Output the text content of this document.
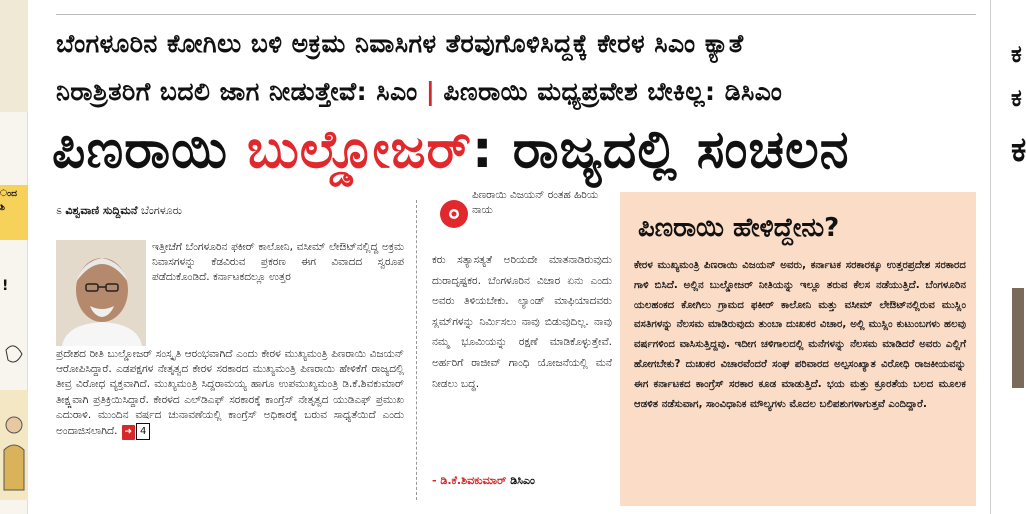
ಂದ
ಶಿ
!
ಕ
ಕ
ಕ
ಬೆಂಗಳೂರಿನ ಕೋಗಿಲು ಬಳಿ ಅಕ್ರಮ ನಿವಾಸಿಗಳ ತೆರವುಗೊಳಿಸಿದ್ದಕ್ಕೆ ಕೇರಳ ಸಿಎಂ ಕ್ಯಾತೆ
ನಿರಾಶ್ರಿತರಿಗೆ ಬದಲಿ ಜಾಗ ನೀಡುತ್ತೇವೆ: ಸಿಎಂ | ಪಿಣರಾಯಿ ಮಧ್ಯಪ್ರವೇಶ ಬೇಕಿಲ್ಲ: ಡಿಸಿಎಂ
ಪಿಣರಾಯಿ ಬುಲ್ಡೋಜರ್: ರಾಜ್ಯದಲ್ಲಿ ಸಂಚಲನ
ಽ ವಿಶ್ವವಾಣಿ ಸುದ್ದಿಮನೆ ಬೆಂಗಳೂರು
ಇತ್ತೀಚೆಗೆ ಬೆಂಗಳೂರಿನ ಫಕೀರ್ ಕಾಲೋನಿ, ವಸೀಮ್ ಲೇಔಟ್‌ನಲ್ಲಿದ್ದ ಅಕ್ರಮ ನಿವಾಸಗಳನ್ನು ಕೆಡವಿರುವ ಪ್ರಕರಣ ಈಗ ವಿವಾದದ ಸ್ವರೂಪ ಪಡೆದುಕೊಂಡಿದೆ. ಕರ್ನಾಟಕದಲ್ಲೂ ಉತ್ತರ
ಪ್ರದೇಶದ ರೀತಿ ಬುಲ್ಡೋಜರ್ ಸಂಸ್ಕೃತಿ ಆರಂಭವಾಗಿದೆ ಎಂದು ಕೇರಳ ಮುಖ್ಯಮಂತ್ರಿ ಪಿಣರಾಯಿ ವಿಜಯನ್ ಆರೋಪಿಸಿದ್ದಾರೆ. ಎಡಪಕ್ಷಗಳ ನೇತೃತ್ವದ ಕೇರಳ ಸರಕಾರದ ಮುಖ್ಯಮಂತ್ರಿ ಪಿಣರಾಯಿ ಹೇಳಿಕೆಗೆ ರಾಜ್ಯದಲ್ಲಿ ತೀವ್ರ ವಿರೋಧ ವ್ಯಕ್ತವಾಗಿದೆ. ಮುಖ್ಯಮಂತ್ರಿ ಸಿದ್ದರಾಮಯ್ಯ ಹಾಗೂ ಉಪಮುಖ್ಯಮಂತ್ರಿ ಡಿ.ಕೆ.ಶಿವಕುಮಾರ್ ತೀಕ್ಷ್ಣವಾಗಿ ಪ್ರತಿಕ್ರಿಯಿಸಿದ್ದಾರೆ. ಕೇರಳದ ಎಲ್‌ಡಿಎಫ್ ಸರಕಾರಕ್ಕೆ ಕಾಂಗ್ರೆಸ್ ನೇತೃತ್ವದ ಯುಡಿಎಫ್ ಪ್ರಮುಖ ಎದುರಾಳಿ. ಮುಂದಿನ ವರ್ಷದ ಚುನಾವಣೆಯಲ್ಲಿ ಕಾಂಗ್ರೆಸ್ ಅಧಿಕಾರಕ್ಕೆ ಬರುವ ಸಾಧ್ಯತೆಯಿದೆ ಎಂದು ಅಂದಾಜಿಸಲಾಗಿದೆ. ➜ 4
ಪಿಣರಾಯಿ ವಿಜಯನ್ ರಂತಹ ಹಿರಿಯ ನಾಯ
ಕರು ಸತ್ಯಾಸತ್ಯತೆ ಅರಿಯದೇ ಮಾತನಾಡಿರುವುದು ದುರಾದೃಷ್ಟಕರ. ಬೆಂಗಳೂರಿನ ವಿಚಾರ ಏನು ಎಂದು ಅವರು ತಿಳಿಯಬೇಕು. ಲ್ಯಾಂಡ್ ಮಾಫಿಯಾದವರು ಸ್ಲಮ್‌ಗಳನ್ನು ನಿರ್ಮಿಸಲು ನಾವು ಬಿಡುವುದಿಲ್ಲ. ನಾವು ನಮ್ಮ ಭೂಮಿಯನ್ನು ರಕ್ಷಣೆ ಮಾಡಿಕೊಳ್ಳುತ್ತೇವೆ. ಅರ್ಹರಿಗೆ ರಾಜೀವ್ ಗಾಂಧಿ ಯೋಜನೆಯಲ್ಲಿ ಮನೆ ನೀಡಲು ಬದ್ಧ.
- ಡಿ.ಕೆ.ಶಿವಕುಮಾರ್ ಡಿಸಿಎಂ
ಪಿಣರಾಯಿ ಹೇಳಿದ್ದೇನು?
ಕೇರಳ ಮುಖ್ಯಮಂತ್ರಿ ಪಿಣರಾಯಿ ವಿಜಯನ್ ಅವರು, ಕರ್ನಾಟಕ ಸರಕಾರಕ್ಕೂ ಉತ್ತರಪ್ರದೇಶ ಸರಕಾರದ ಗಾಳಿ ಬಿಸಿದೆ. ಅಲ್ಲಿನ ಬುಲ್ಡೋಜರ್ ನೀತಿಯನ್ನು ಇಲ್ಲೂ ತರುವ ಕೆಲಸ ನಡೆಯುತ್ತಿದೆ. ಬೆಂಗಳೂರಿನ ಯಲಹಂಕದ ಕೋಗಿಲು ಗ್ರಾಮದ ಫಕೀರ್ ಕಾಲೋನಿ ಮತ್ತು ವಸೀಮ್ ಲೇಔಟ್‌ನಲ್ಲಿರುವ ಮುಸ್ಲಿಂ ವಸತಿಗಳನ್ನು ನೆಲಸಮ ಮಾಡಿರುವುದು ತುಂಬಾ ದುಃಖಕರ ವಿಚಾರ, ಅಲ್ಲಿ ಮುಸ್ಲಿಂ ಕುಟುಂಬಗಳು ಹಲವು ವರ್ಷಗಳಿಂದ ವಾಸಿಸುತ್ತಿದ್ದವು. ಇದೀಗ ಚಳಿಗಾಲದಲ್ಲಿ ಮನೆಗಳನ್ನು ನೆಲಸಮ ಮಾಡಿದರೆ ಅವರು ಎಲ್ಲಿಗೆ ಹೋಗಬೇಕು? ದುಃಖಕರ ವಿಚಾರವೆಂದರೆ ಸಂಘ ಪರಿವಾರದ ಅಲ್ಪಸಂಖ್ಯಾತ ವಿರೋಧಿ ರಾಜಕೀಯವನ್ನು ಈಗ ಕರ್ನಾಟಕದ ಕಾಂಗ್ರೆಸ್ ಸರಕಾರ ಕೂಡ ಮಾಡುತ್ತಿದೆ. ಭಯ ಮತ್ತು ಕ್ರೂರತೆಯ ಬಲದ ಮೂಲಕ ಆಡಳಿತ ನಡೆಸುವಾಗ, ಸಾಂವಿಧಾನಿಕ ಮೌಲ್ಯಗಳು ಮೊದಲ ಬಲಿಪಶುಗಳಾಗುತ್ತವೆ ಎಂದಿದ್ದಾರೆ.
